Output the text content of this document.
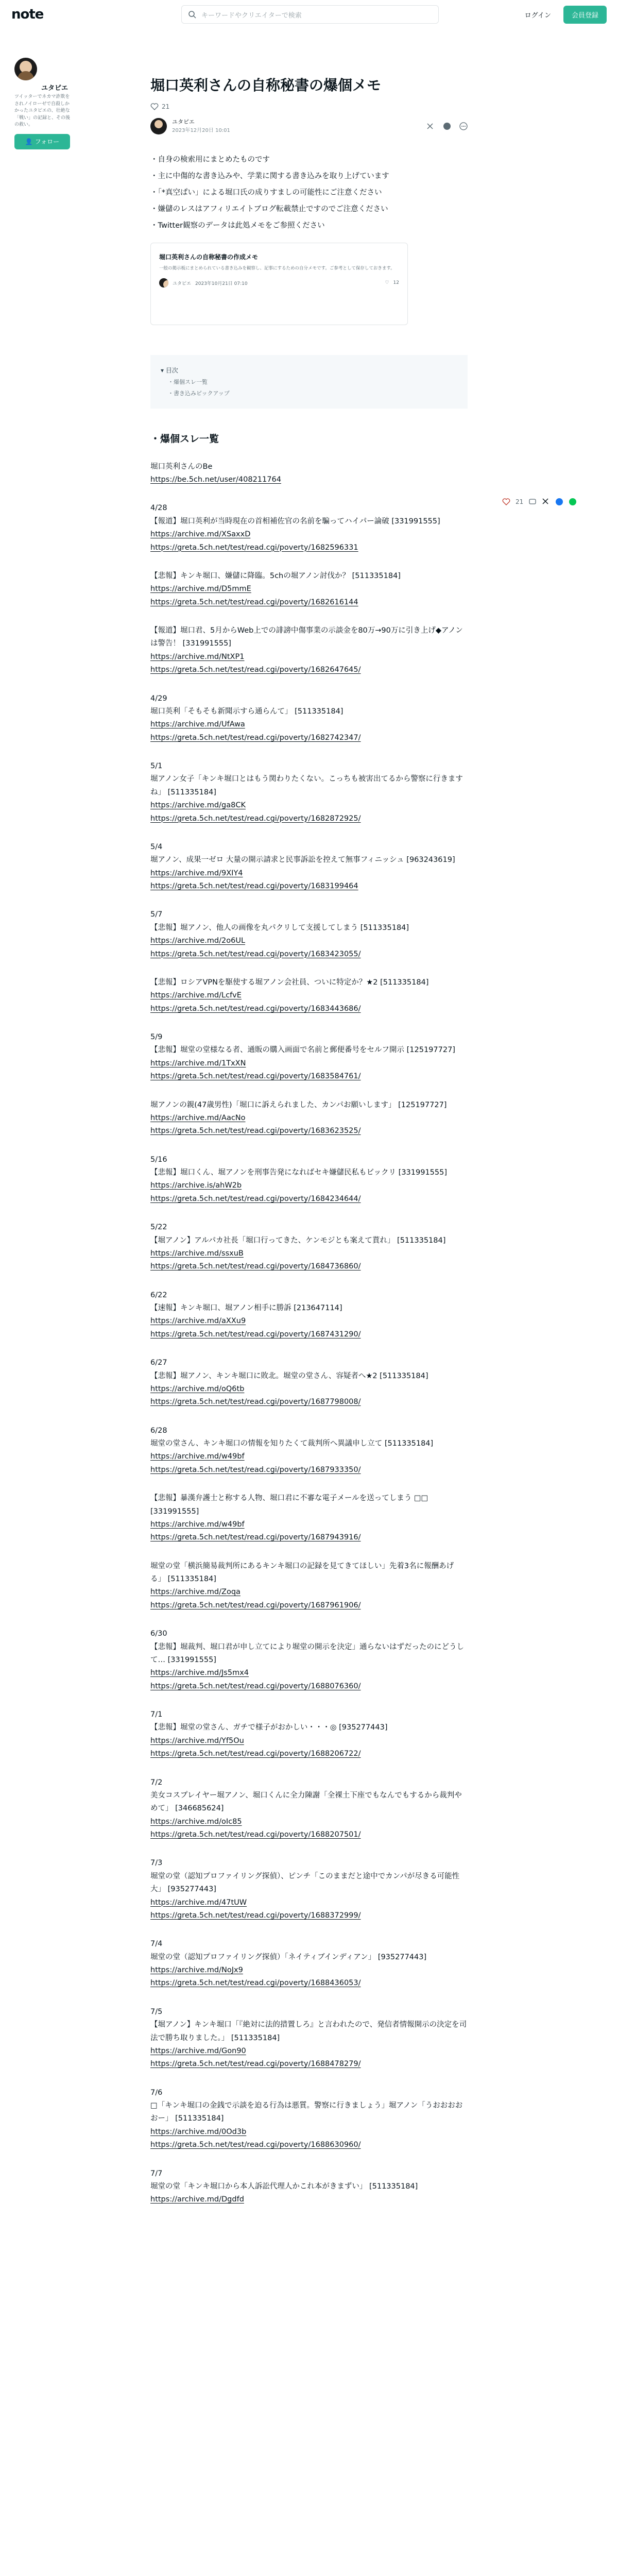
note	キーワードやクリエイターで検索	ログイン	会員登録
ユタピエ
ツイッターでネカマ詐欺をされノイローゼで自殺しかかったユタピエの、壮絶な「戦い」の記録と、その後の救い。
👤 フォロー
堀口英利さんの自称秘書の爆個メモ
21
ユタピエ
2023年12月20日 10:01
・自身の検索用にまとめたものです
・主に中傷的な書き込みや、学業に関する書き込みを取り上げています
・「*真空ぱい」による堀口氏の成りすましの可能性にご注意ください
・嫌儲のレスはアフィリエイトブログ転載禁止ですのでご注意ください
・Twitter観察のデータは此処メモをご参照ください
堀口英利さんの自称秘書の作成メモ
一般の掲示板にまとめられている書き込みを観察し、記事にするための自分メモです。ご参考として保存しておきます。
ユタピエ 2023年10月21日 07:10	♡ 12
▾ 目次
・爆個スレ一覧
・書き込みピックアップ
・爆個スレ一覧

堀口英利さんのBe

https://be.5ch.net/user/408211764

4/28

【報道】堀口英利が当時現在の首相補佐官の名前を騙ってハイパー論破 [331991555]

https://archive.md/XSaxxD
https://greta.5ch.net/test/read.cgi/poverty/1682596331

【悲報】キンキ堀口、嫌儲に降臨。5chの堀アノン討伐か？ [511335184]

https://archive.md/D5mmE
https://greta.5ch.net/test/read.cgi/poverty/1682616144

【報道】堀口君、5月からWeb上での誹謗中傷事業の示談金を80万→90万に引き上げ◆アノンは警告！ [331991555]

https://archive.md/NtXP1
https://greta.5ch.net/test/read.cgi/poverty/1682647645/

4/29

堀口英利「そもそも新聞示すら通らんて」 [511335184]

https://archive.md/UfAwa
https://greta.5ch.net/test/read.cgi/poverty/1682742347/

5/1

堀アノン女子「キンキ堀口とはもう関わりたくない。こっちも被害出てるから警察に行きますね」 [511335184]

https://archive.md/ga8CK
https://greta.5ch.net/test/read.cgi/poverty/1682872925/

5/4

堀アノン、成果一ゼロ 大量の開示請求と民事訴訟を控えて無事フィニッシュ [963243619]

https://archive.md/9XIY4
https://greta.5ch.net/test/read.cgi/poverty/1683199464

5/7

【悲報】堀アノン、他人の画像を丸パクリして支援してしまう [511335184]

https://archive.md/2o6UL
https://greta.5ch.net/test/read.cgi/poverty/1683423055/

【悲報】ロシアVPNを駆使する堀アノン会社員、ついに特定か？★2 [511335184]

https://archive.md/LcfvE
https://greta.5ch.net/test/read.cgi/poverty/1683443686/

5/9

【悲報】堀堂の堂様なる者、通販の購入画面で名前と郵便番号をセルフ開示 [125197727]

https://archive.md/1TxXN
https://greta.5ch.net/test/read.cgi/poverty/1683584761/

堀アノンの親(47歳男性)「堀口に訴えられました、カンパお願いします」 [125197727]

https://archive.md/AacNo
https://greta.5ch.net/test/read.cgi/poverty/1683623525/

5/16

【悲報】堀口くん、堀アノンを刑事告発になればセキ嫌儲民私もビックリ [331991555]

https://archive.is/ahW2b
https://greta.5ch.net/test/read.cgi/poverty/1684234644/

5/22

【堀アノン】アルパカ社長「堀口行ってきた、ケンモジとも案えて貰れ」 [511335184]

https://archive.md/ssxuB
https://greta.5ch.net/test/read.cgi/poverty/1684736860/

6/22

【速報】キンキ堀口、堀アノン相手に勝訴 [213647114]

https://archive.md/aXXu9
https://greta.5ch.net/test/read.cgi/poverty/1687431290/

6/27

【悲報】堀アノン、キンキ堀口に敗北。堀堂の堂さん、容疑者へ★2 [511335184]

https://archive.md/oQ6tb
https://greta.5ch.net/test/read.cgi/poverty/1687798008/

6/28

堀堂の堂さん、キンキ堀口の情報を知りたくて裁判所へ異議申し立て [511335184]

https://archive.md/w49bf
https://greta.5ch.net/test/read.cgi/poverty/1687933350/

【悲報】暴漢弁護士と称する人物、堀口君に不審な電子メールを送ってしまう □□ [331991555]

https://archive.md/w49bf
https://greta.5ch.net/test/read.cgi/poverty/1687943916/

堀堂の堂「横浜簡易裁判所にあるキンキ堀口の記録を見てきてほしい」先着3名に報酬あげる」 [511335184]

https://archive.md/Zoqa
https://greta.5ch.net/test/read.cgi/poverty/1687961906/

6/30

【悲報】堀裁判、堀口君が申し立てにより堀堂の開示を決定」通らないはずだったのにどうして… [331991555]

https://archive.md/Js5mx4
https://greta.5ch.net/test/read.cgi/poverty/1688076360/

7/1

【悲報】堀堂の堂さん、ガチで様子がおかしい・・・◎ [935277443]

https://archive.md/Yf5Ou
https://greta.5ch.net/test/read.cgi/poverty/1688206722/

7/2

美女コスプレイヤー堀アノン、堀口くんに全力陳謝「全裸土下座でもなんでもするから裁判やめて」 [346685624]

https://archive.md/oIc85
https://greta.5ch.net/test/read.cgi/poverty/1688207501/

7/3

堀堂の堂（認知プロファイリング探偵）、ピンチ「このままだと途中でカンパが尽きる可能性大」 [935277443]

https://archive.md/47tUW
https://greta.5ch.net/test/read.cgi/poverty/1688372999/

7/4

堀堂の堂（認知プロファイリング探偵）「ネイティブインディアン」 [935277443]

https://archive.md/NoJx9
https://greta.5ch.net/test/read.cgi/poverty/1688436053/

7/5

【堀アノン】キンキ堀口「『絶対に法的措置しろ』と言われたので、発信者情報開示の決定を司法で勝ち取りました。」 [511335184]

https://archive.md/Gon90
https://greta.5ch.net/test/read.cgi/poverty/1688478279/

7/6

□「キンキ堀口の金銭で示談を迫る行為は悪質。警察に行きましょう」堀アノン「うおおおおおー」 [511335184]

https://archive.md/0Od3b
https://greta.5ch.net/test/read.cgi/poverty/1688630960/

7/7

堀堂の堂「キンキ堀口から本人訴訟代理人かこれ本がきまずい」 [511335184]

https://archive.md/Dgdfd
21
